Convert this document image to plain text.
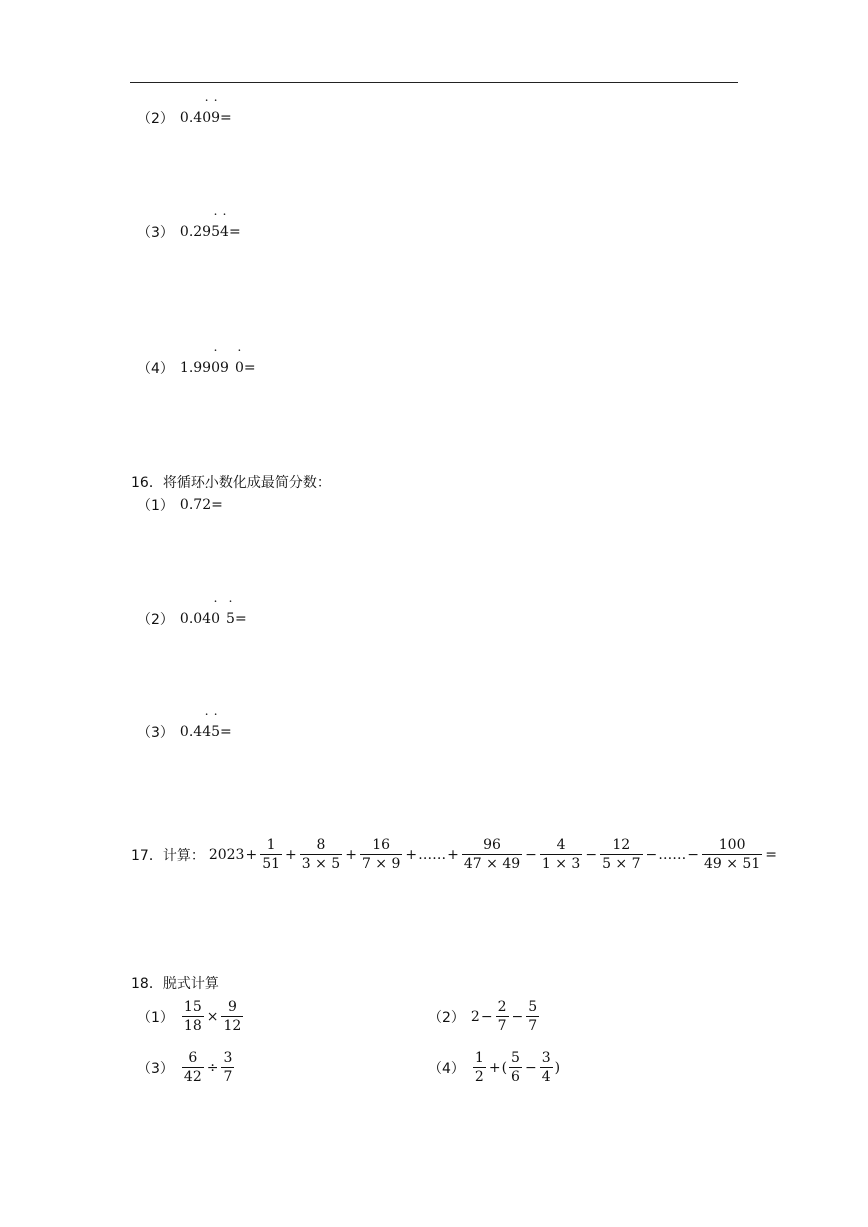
（2） 0.4 ˙ 0 ˙ 9 =
（3） 0.29 ˙ 5 ˙ 4 =
（4） 1.99 ˙ 0 9 ˙ 0 =
16．将循环小数化成最简分数：
（1） 0. ˙ 7 ˙ 2 =
（2） 0.04 ˙ 0 ˙ 5 =
（3） 0.4 ˙ 4 ˙ 5 =
17．计算： $2023 + \frac{1}{51} + \frac{8}{3 \times 5} + \frac{16}{7 \times 9}$ + …… + $\frac{96}{47 \times 49} - \frac{4}{1 \times 3} - \frac{12}{5 \times 7}$ − …… − $\frac{100}{49 \times 51}$ =
18．脱式计算
$(1) \frac{15}{18} \times \frac{9}{12}$	（2） $2 - \frac{2}{7} - \frac{5}{7}$
$(3) \frac{6}{42} \div \frac{3}{7}$	$(4) \frac{1}{2}$ + ( $\frac{5}{6} - \frac{3}{4}$ )
